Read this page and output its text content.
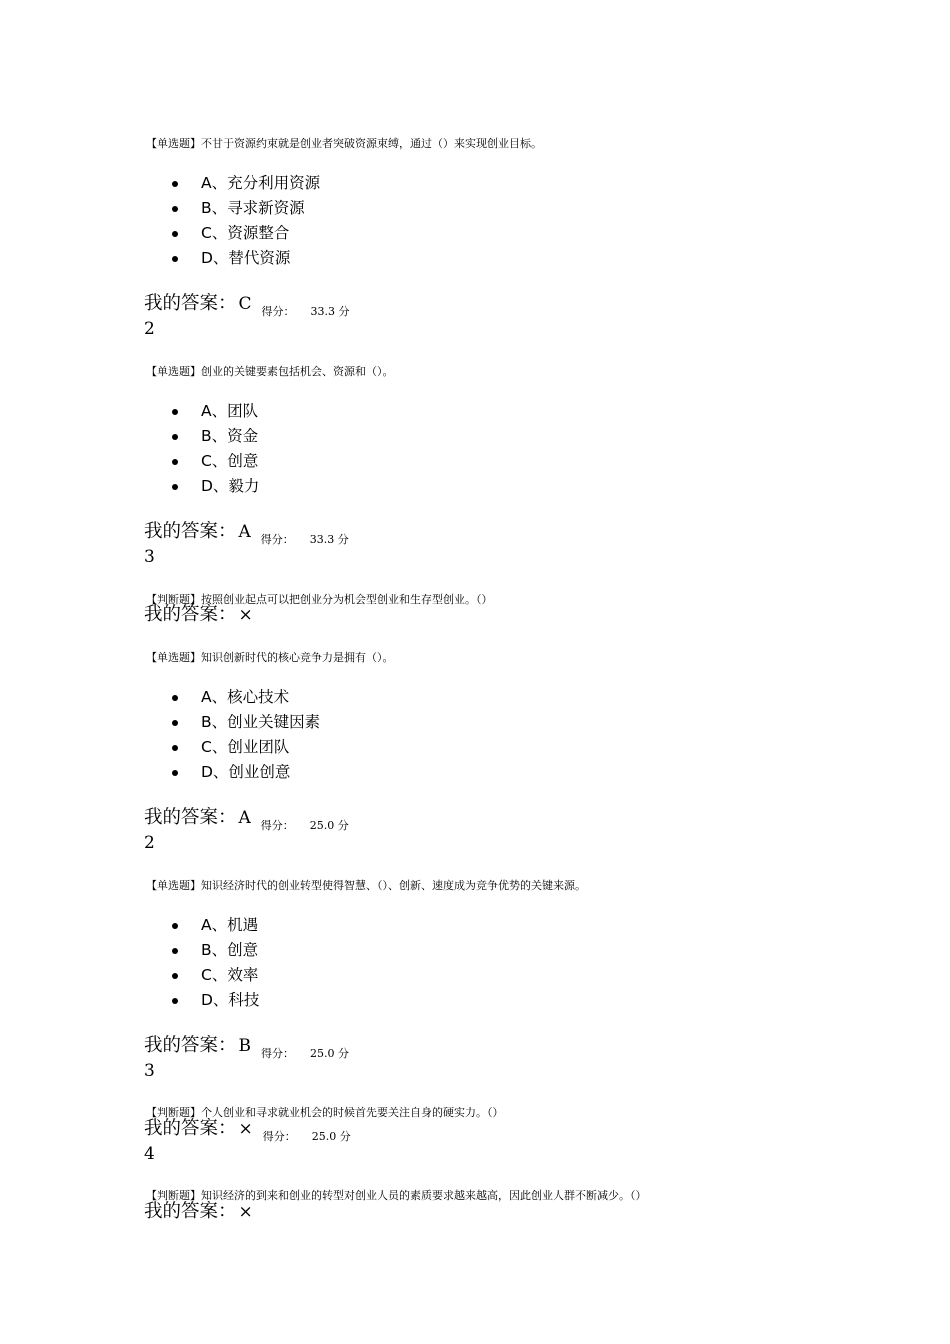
【单选题】不甘于资源约束就是创业者突破资源束缚，通过（）来实现创业目标。
A、充分利用资源
B、寻求新资源
C、资源整合
D、替代资源
我的答案： C $_{得分: 33.3 分}$
2
【单选题】创业的关键要素包括机会、资源和（）。
A、团队
B、资金
C、创意
D、毅力
我的答案： A $_{得分: 33.3 分}$
3
【判断题】按照创业起点可以把创业分为机会型创业和生存型创业。（）
我的答案： ×
【单选题】知识创新时代的核心竞争力是拥有（）。
A、核心技术
B、创业关键因素
C、创业团队
D、创业创意
我的答案： A $_{得分: 25.0 分}$
2
【单选题】知识经济时代的创业转型使得智慧、（）、创新、速度成为竞争优势的关键来源。
A、机遇
B、创意
C、效率
D、科技
我的答案： B $_{得分: 25.0 分}$
3
【判断题】个人创业和寻求就业机会的时候首先要关注自身的硬实力。（）
我的答案： × $_{得分: 25.0 分}$
4
【判断题】知识经济的到来和创业的转型对创业人员的素质要求越来越高，因此创业人群不断减少。（）
我的答案： ×
